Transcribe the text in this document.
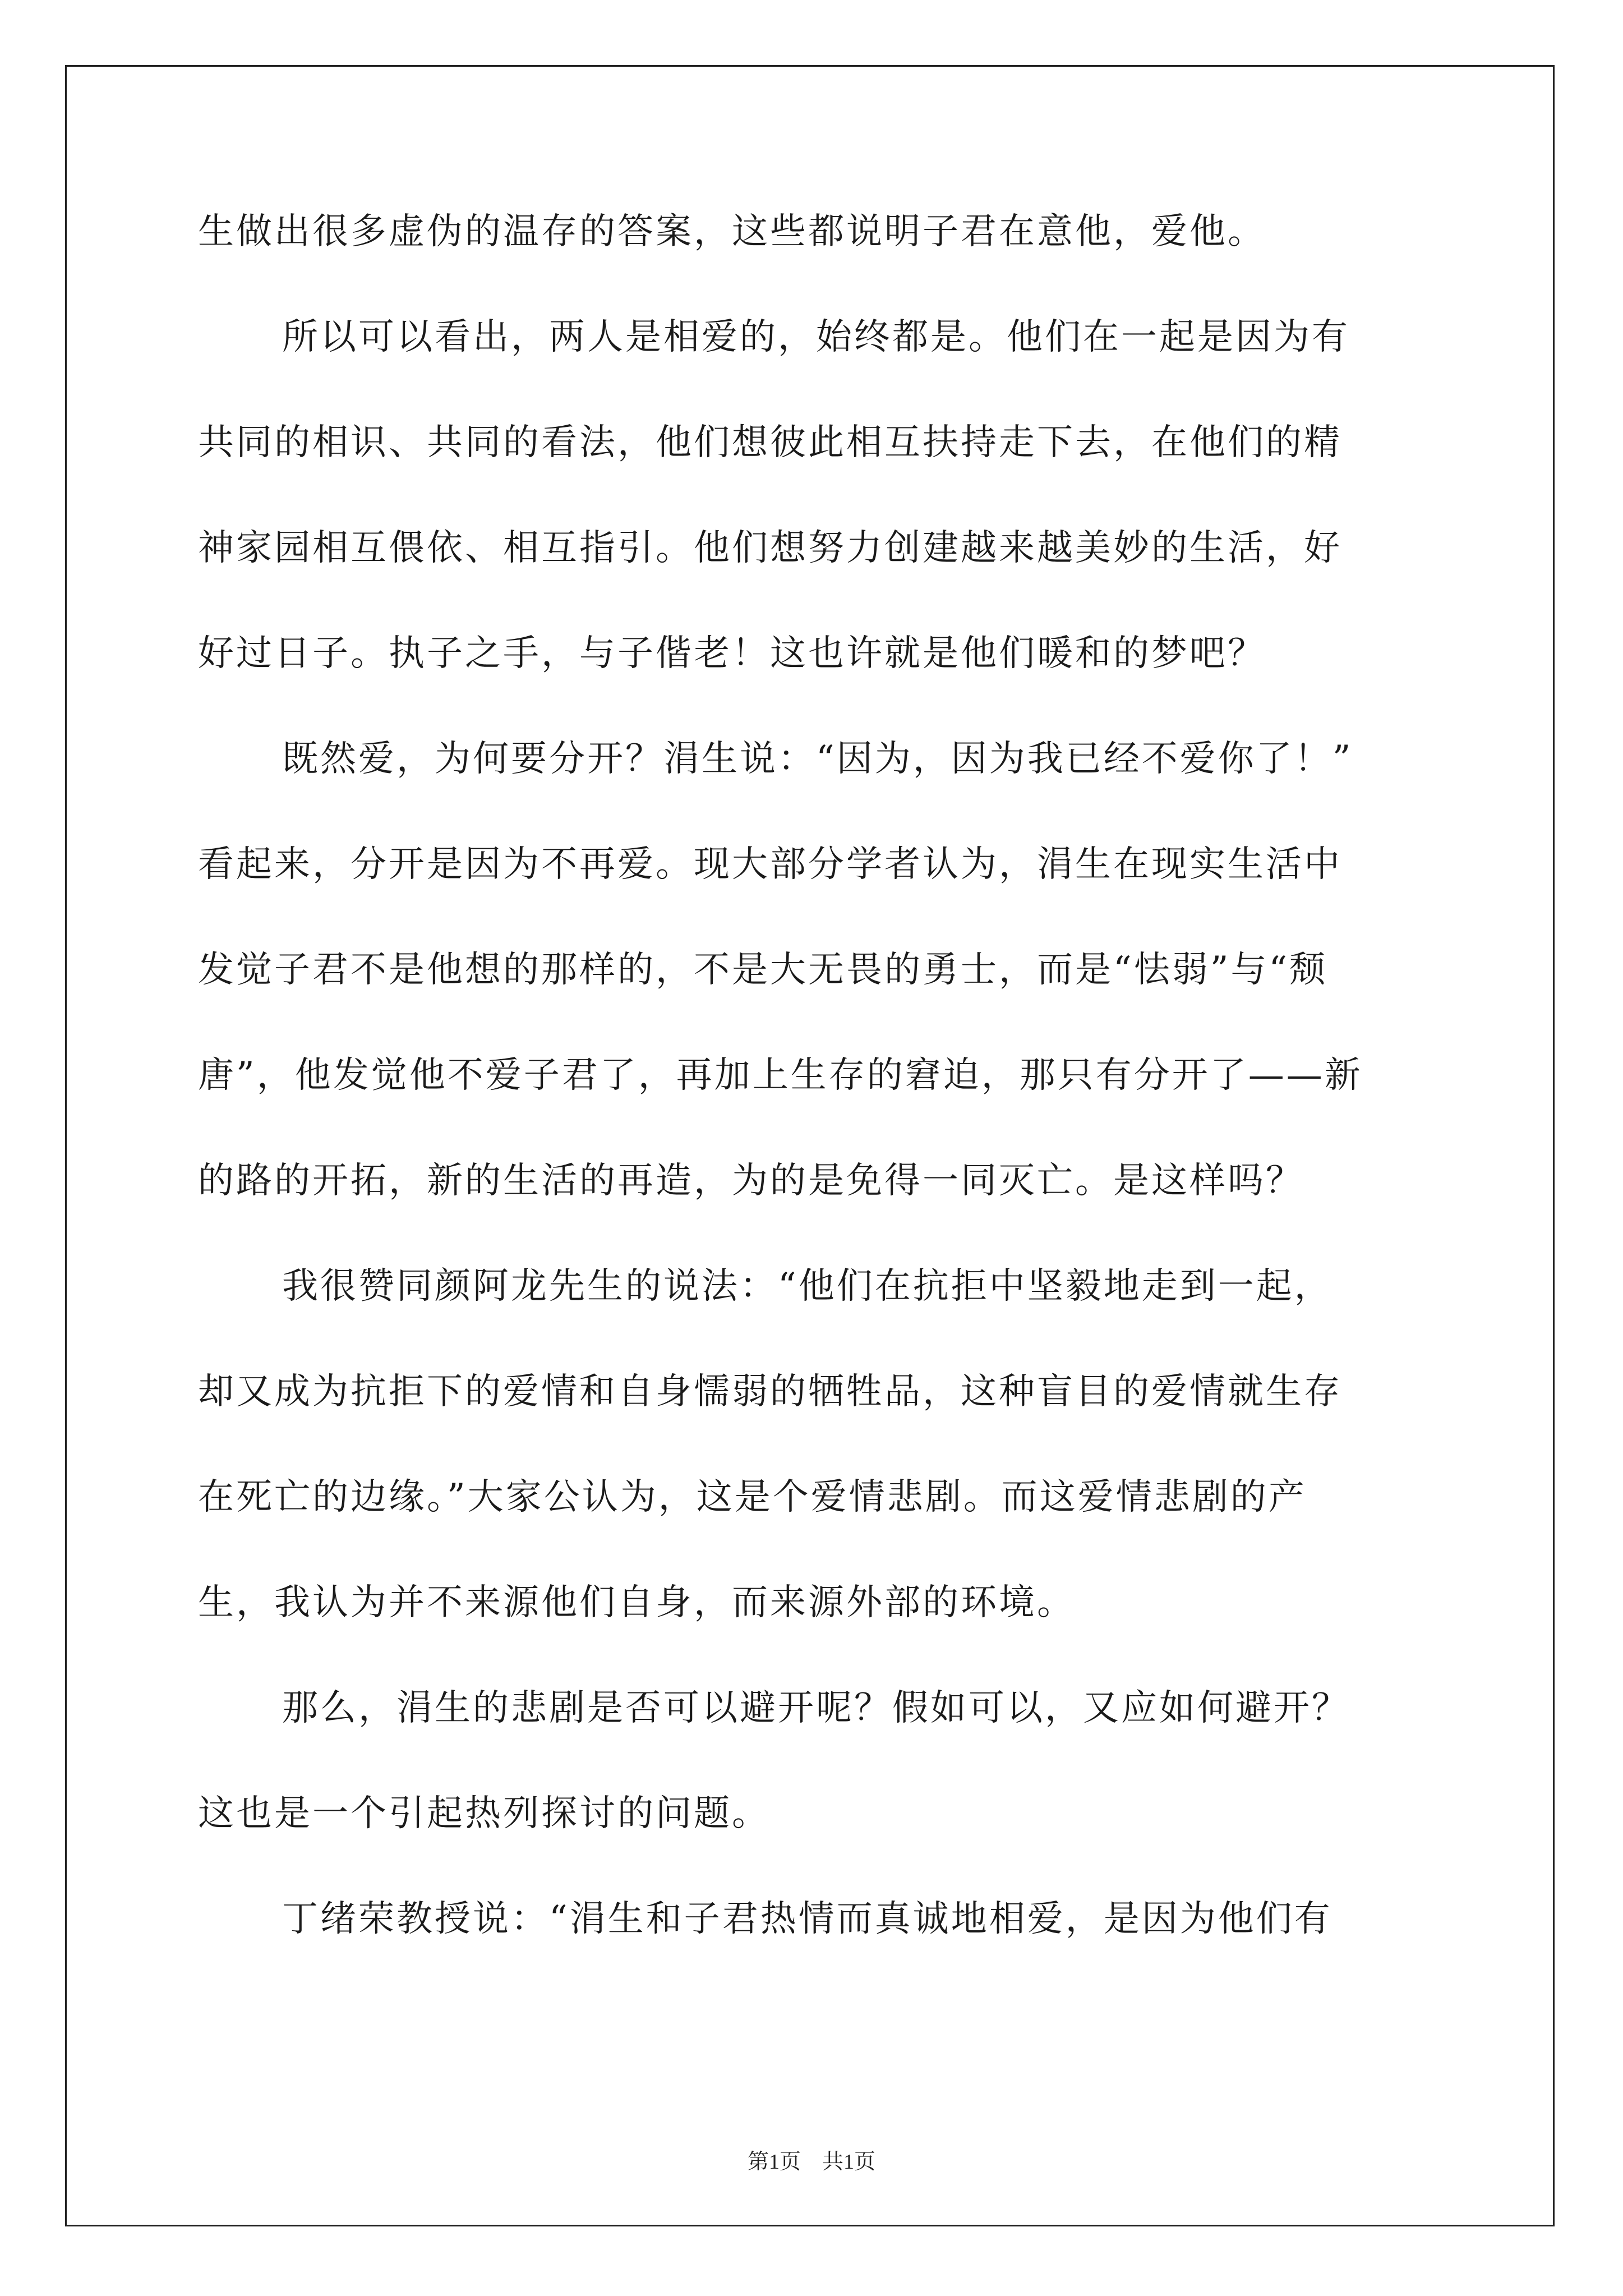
生做出很多虚伪的温存的答案，这些都说明子君在意他，爱他。
所以可以看出，两人是相爱的，始终都是。他们在一起是因为有
共同的相识、共同的看法，他们想彼此相互扶持走下去，在他们的精
神家园相互偎依、相互指引。他们想努力创建越来越美妙的生活，好
好过日子。执子之手，与子偕老！这也许就是他们暖和的梦吧？
既然爱，为何要分开？涓生说：“因为，因为我已经不爱你了！”
看起来，分开是因为不再爱。现大部分学者认为，涓生在现实生活中
发觉子君不是他想的那样的，不是大无畏的勇士，而是“怯弱”与“颓
唐”，他发觉他不爱子君了，再加上生存的窘迫，那只有分开了——新
的路的开拓，新的生活的再造，为的是免得一同灭亡。是这样吗？
我很赞同颜阿龙先生的说法：“他们在抗拒中坚毅地走到一起，
却又成为抗拒下的爱情和自身懦弱的牺牲品，这种盲目的爱情就生存
在死亡的边缘。”大家公认为，这是个爱情悲剧。而这爱情悲剧的产
生，我认为并不来源他们自身，而来源外部的环境。
那么，涓生的悲剧是否可以避开呢？假如可以，又应如何避开？
这也是一个引起热列探讨的问题。
丁绪荣教授说：“涓生和子君热情而真诚地相爱，是因为他们有

第1页　共1页
